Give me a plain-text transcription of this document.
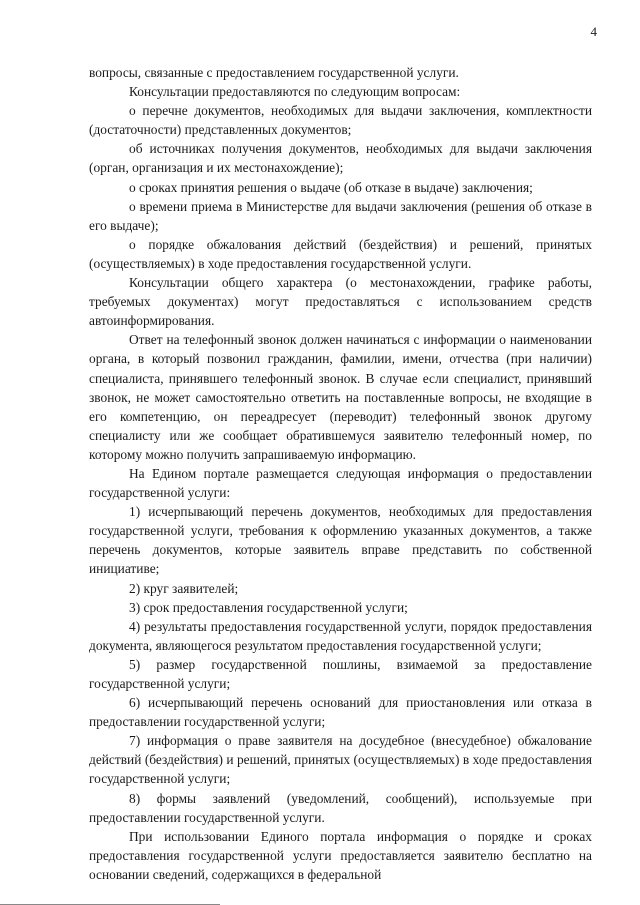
4

вопросы, связанные с предоставлением государственной услуги.

Консультации предоставляются по следующим вопросам:

о перечне документов, необходимых для выдачи заключения, комплектности (достаточности) представленных документов;

об источниках получения документов, необходимых для выдачи заключения (орган, организация и их местонахождение);

о сроках принятия решения о выдаче (об отказе в выдаче) заключения;

о времени приема в Министерстве для выдачи заключения (решения об отказе в его выдаче);

о порядке обжалования действий (бездействия) и решений, принятых (осуществляемых) в ходе предоставления государственной услуги.

Консультации общего характера (о местонахождении, графике работы, требуемых документах) могут предоставляться с использованием средств автоинформирования.

Ответ на телефонный звонок должен начинаться с информации о наименовании органа, в который позвонил гражданин, фамилии, имени, отчества (при наличии) специалиста, принявшего телефонный звонок. В случае если специалист, принявший звонок, не может самостоятельно ответить на поставленные вопросы, не входящие в его компетенцию, он переадресует (переводит) телефонный звонок другому специалисту или же сообщает обратившемуся заявителю телефонный номер, по которому можно получить запрашиваемую информацию.

На Едином портале размещается следующая информация о предоставлении государственной услуги:

1) исчерпывающий перечень документов, необходимых для предоставления государственной услуги, требования к оформлению указанных документов, а также перечень документов, которые заявитель вправе представить по собственной инициативе;

2) круг заявителей;

3) срок предоставления государственной услуги;

4) результаты предоставления государственной услуги, порядок предоставления документа, являющегося результатом предоставления государственной услуги;

5) размер государственной пошлины, взимаемой за предоставление государственной услуги;

6) исчерпывающий перечень оснований для приостановления или отказа в предоставлении государственной услуги;

7) информация о праве заявителя на досудебное (внесудебное) обжалование действий (бездействия) и решений, принятых (осуществляемых) в ходе предоставления государственной услуги;

8) формы заявлений (уведомлений, сообщений), используемые при предоставлении государственной услуги.

При использовании Единого портала информация о порядке и сроках предоставления государственной услуги предоставляется заявителю бесплатно на основании сведений, содержащихся в федеральной
